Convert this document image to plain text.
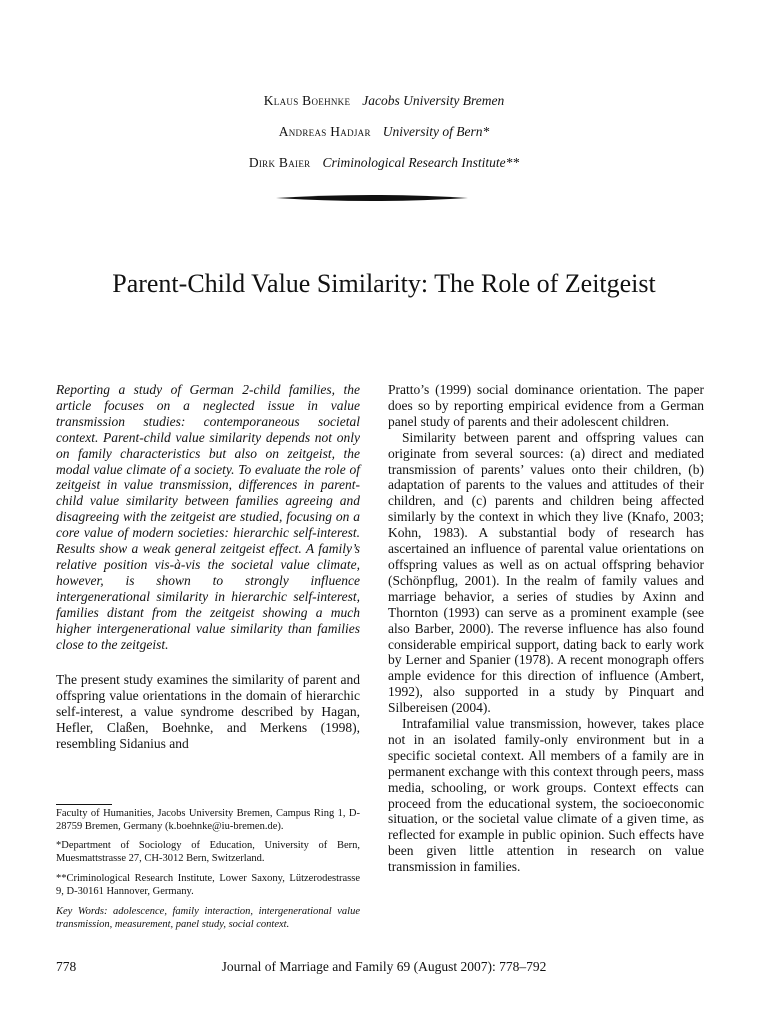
Klaus Boehnke Jacobs University Bremen
Andreas Hadjar University of Bern*
Dirk Baier Criminological Research Institute**
Parent-Child Value Similarity: The Role of Zeitgeist

Reporting a study of German 2-child families, the article focuses on a neglected issue in value transmission studies: contemporaneous societal context. Parent-child value similarity depends not only on family characteristics but also on zeitgeist, the modal value climate of a society. To evaluate the role of zeitgeist in value transmission, differences in parent-child value similarity between families agreeing and disagreeing with the zeitgeist are studied, focusing on a core value of modern societies: hierarchic self-interest. Results show a weak general zeitgeist effect. A family’s relative position vis-à-vis the societal value climate, however, is shown to strongly influence intergenerational similarity in hierarchic self-interest, families distant from the zeitgeist showing a much higher intergenerational value similarity than families close to the zeitgeist.

The present study examines the similarity of parent and offspring value orientations in the domain of hierarchic self-interest, a value syndrome described by Hagan, Hefler, Claßen, Boehnke, and Merkens (1998), resembling Sidanius and

Faculty of Humanities, Jacobs University Bremen, Campus Ring 1, D-28759 Bremen, Germany (k.boehnke@iu-bremen.de).

*Department of Sociology of Education, University of Bern, Muesmattstrasse 27, CH-3012 Bern, Switzerland.

**Criminological Research Institute, Lower Saxony, Lützerodestrasse 9, D-30161 Hannover, Germany.

Key Words: adolescence, family interaction, intergenerational value transmission, measurement, panel study, social context.

Pratto’s (1999) social dominance orientation. The paper does so by reporting empirical evidence from a German panel study of parents and their adolescent children.

Similarity between parent and offspring values can originate from several sources: (a) direct and mediated transmission of parents’ values onto their children, (b) adaptation of parents to the values and attitudes of their children, and (c) parents and children being affected similarly by the context in which they live (Knafo, 2003; Kohn, 1983). A substantial body of research has ascertained an influence of parental value orientations on offspring values as well as on actual offspring behavior (Schönpflug, 2001). In the realm of family values and marriage behavior, a series of studies by Axinn and Thornton (1993) can serve as a prominent example (see also Barber, 2000). The reverse influence has also found considerable empirical support, dating back to early work by Lerner and Spanier (1978). A recent monograph offers ample evidence for this direction of influence (Ambert, 1992), also supported in a study by Pinquart and Silbereisen (2004).

Intrafamilial value transmission, however, takes place not in an isolated family-only environment but in a specific societal context. All members of a family are in permanent exchange with this context through peers, mass media, schooling, or work groups. Context effects can proceed from the educational system, the socioeconomic situation, or the societal value climate of a given time, as reflected for example in public opinion. Such effects have been given little attention in research on value transmission in families.

778	Journal of Marriage and Family 69 (August 2007): 778–792
